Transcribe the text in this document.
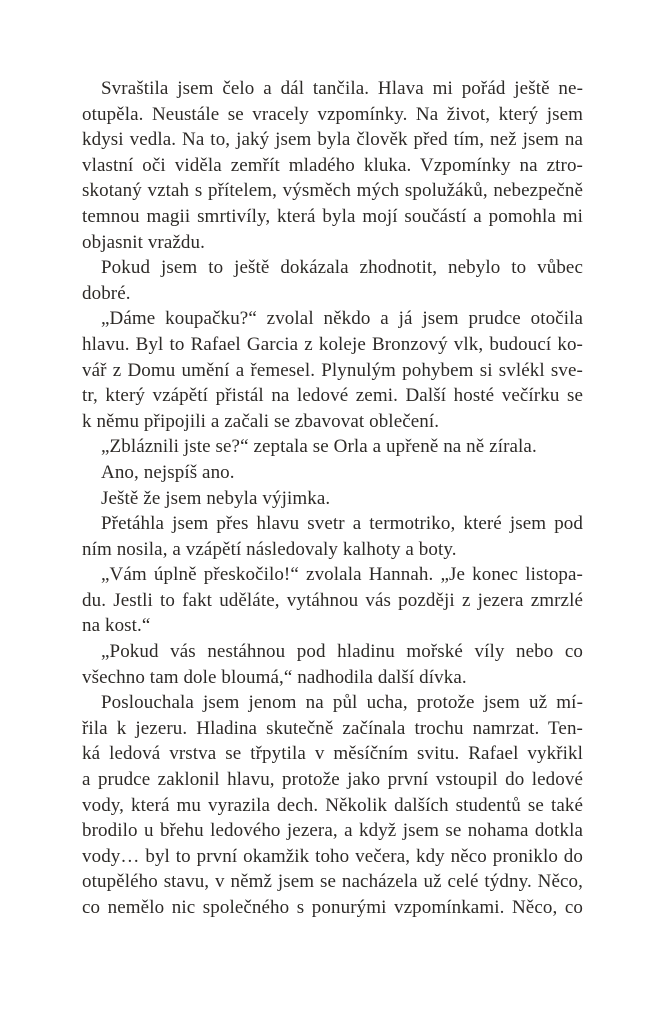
Svraštila jsem čelo a dál tančila. Hlava mi pořád ještě ne-
otupěla. Neustále se vracely vzpomínky. Na život, který jsem
kdysi vedla. Na to, jaký jsem byla člověk před tím, než jsem na
vlastní oči viděla zemřít mladého kluka. Vzpomínky na ztro-
skotaný vztah s přítelem, výsměch mých spolužáků, nebezpečně
temnou magii smrtivíly, která byla mojí součástí a pomohla mi
objasnit vraždu.

Pokud jsem to ještě dokázala zhodnotit, nebylo to vůbec
dobré.

„Dáme koupačku?“ zvolal někdo a já jsem prudce otočila
hlavu. Byl to Rafael Garcia z koleje Bronzový vlk, budoucí ko-
vář z Domu umění a řemesel. Plynulým pohybem si svlékl sve-
tr, který vzápětí přistál na ledové zemi. Další hosté večírku se
k němu připojili a začali se zbavovat oblečení.

„Zbláznili jste se?“ zeptala se Orla a upřeně na ně zírala.

Ano, nejspíš ano.

Ještě že jsem nebyla výjimka.

Přetáhla jsem přes hlavu svetr a termotriko, které jsem pod
ním nosila, a vzápětí následovaly kalhoty a boty.

„Vám úplně přeskočilo!“ zvolala Hannah. „Je konec listopa-
du. Jestli to fakt uděláte, vytáhnou vás později z jezera zmrzlé
na kost.“

„Pokud vás nestáhnou pod hladinu mořské víly nebo co
všechno tam dole bloumá,“ nadhodila další dívka.

Poslouchala jsem jenom na půl ucha, protože jsem už mí-
řila k jezeru. Hladina skutečně začínala trochu namrzat. Ten-
ká ledová vrstva se třpytila v měsíčním svitu. Rafael vykřikl
a prudce zaklonil hlavu, protože jako první vstoupil do ledové
vody, která mu vyrazila dech. Několik dalších studentů se také
brodilo u břehu ledového jezera, a když jsem se nohama dotkla
vody… byl to první okamžik toho večera, kdy něco proniklo do
otupělého stavu, v němž jsem se nacházela už celé týdny. Něco,
co nemělo nic společného s ponurými vzpomínkami. Něco, co
